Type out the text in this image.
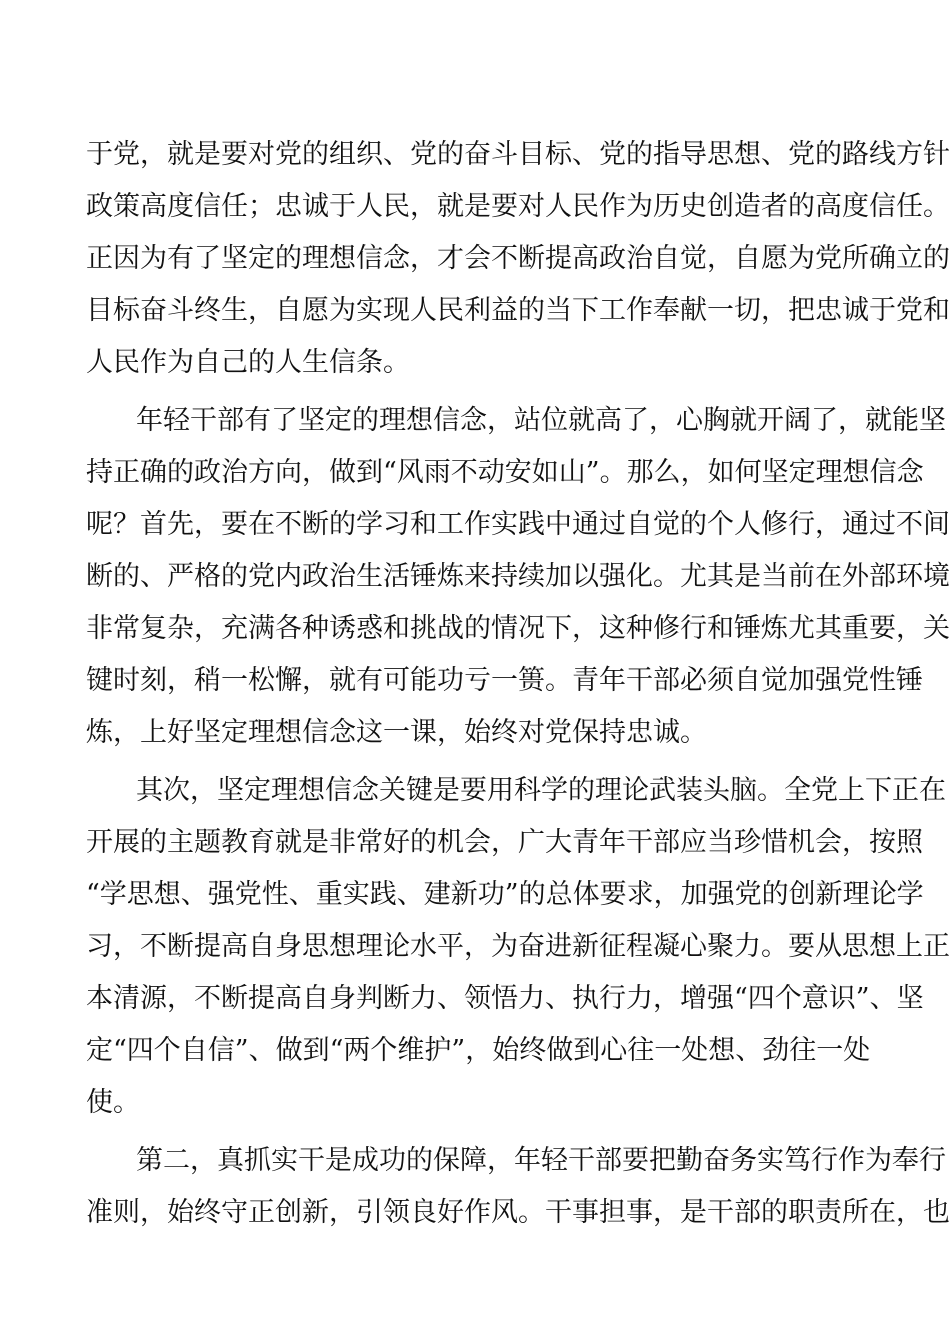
于党，就是要对党的组织、党的奋斗目标、党的指导思想、党的路线方针
政策高度信任；忠诚于人民，就是要对人民作为历史创造者的高度信任。
正因为有了坚定的理想信念，才会不断提高政治自觉，自愿为党所确立的
目标奋斗终生，自愿为实现人民利益的当下工作奉献一切，把忠诚于党和
人民作为自己的人生信条。
年轻干部有了坚定的理想信念，站位就高了，心胸就开阔了，就能坚
持正确的政治方向，做到“风雨不动安如山”。那么，如何坚定理想信念
呢？首先，要在不断的学习和工作实践中通过自觉的个人修行，通过不间
断的、严格的党内政治生活锤炼来持续加以强化。尤其是当前在外部环境
非常复杂，充满各种诱惑和挑战的情况下，这种修行和锤炼尤其重要，关
键时刻，稍一松懈，就有可能功亏一篑。青年干部必须自觉加强党性锤
炼，上好坚定理想信念这一课，始终对党保持忠诚。
其次，坚定理想信念关键是要用科学的理论武装头脑。全党上下正在
开展的主题教育就是非常好的机会，广大青年干部应当珍惜机会，按照
“学思想、强党性、重实践、建新功”的总体要求，加强党的创新理论学
习，不断提高自身思想理论水平，为奋进新征程凝心聚力。要从思想上正
本清源，不断提高自身判断力、领悟力、执行力，增强“四个意识”、坚
定“四个自信”、做到“两个维护”，始终做到心往一处想、劲往一处
使。
第二，真抓实干是成功的保障，年轻干部要把勤奋务实笃行作为奉行
准则，始终守正创新，引领良好作风。干事担事，是干部的职责所在，也
